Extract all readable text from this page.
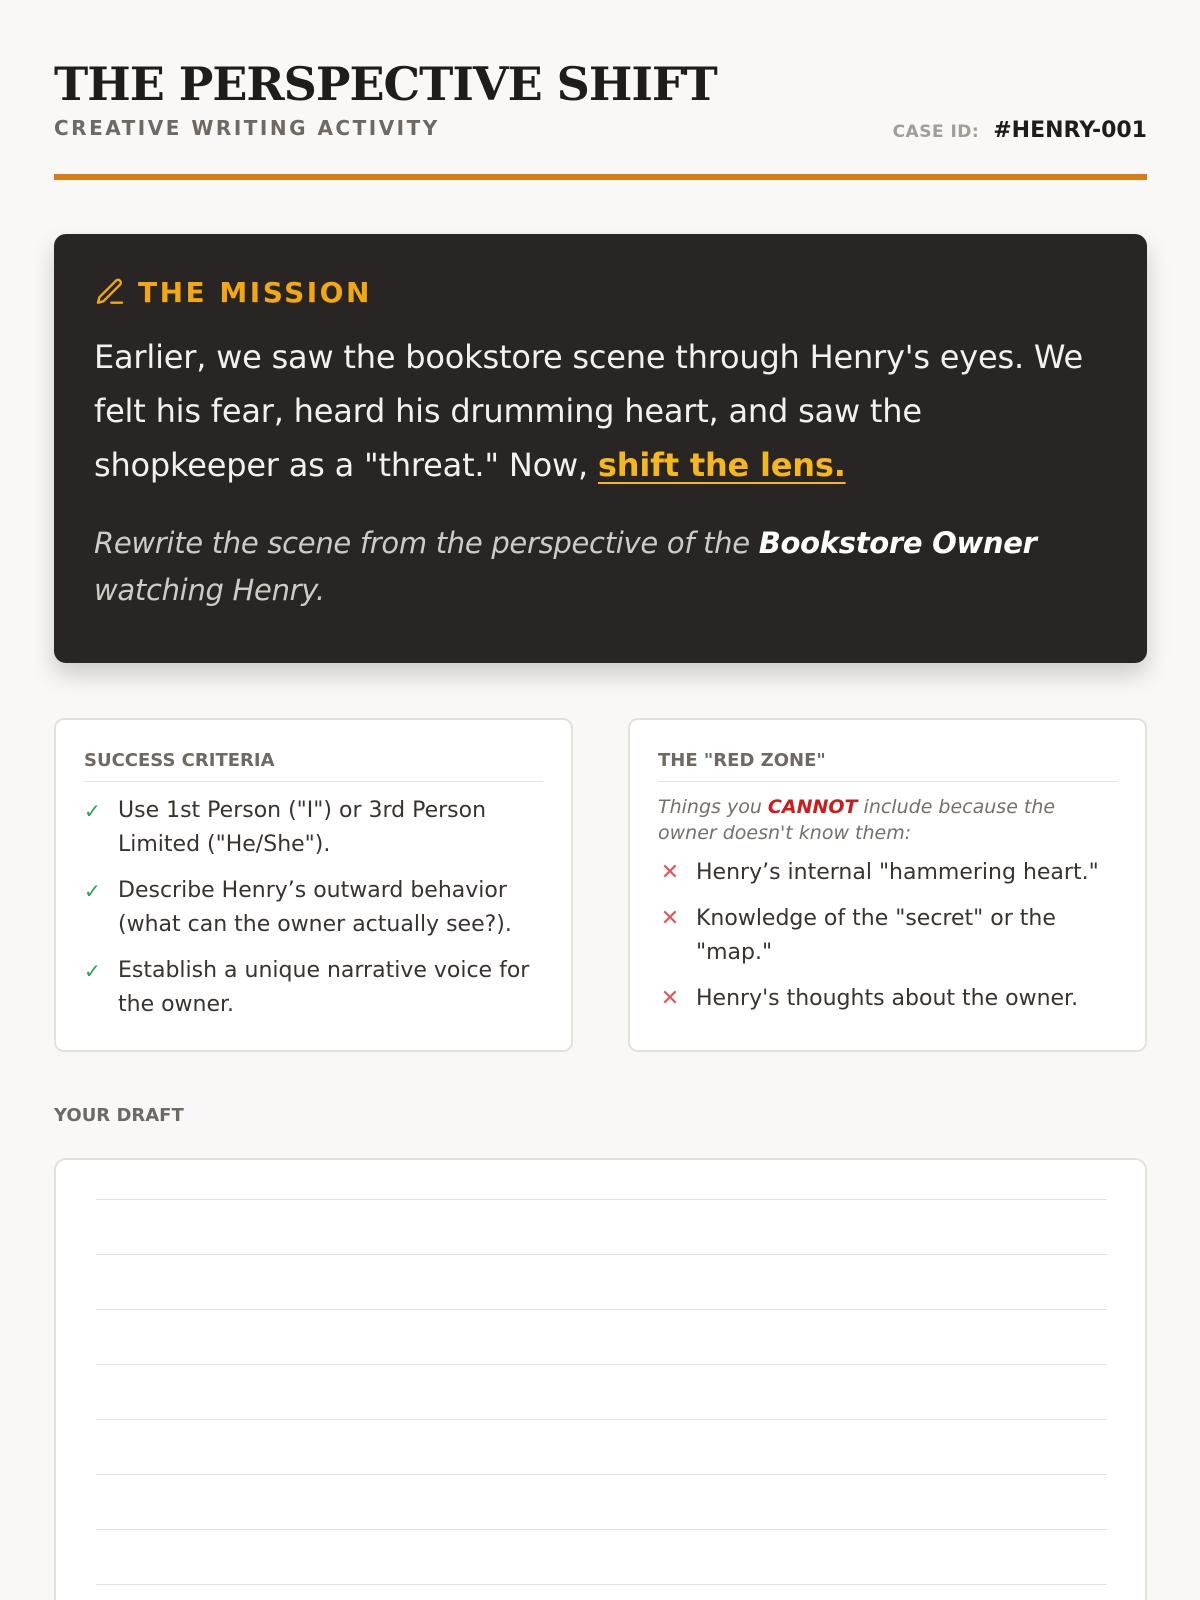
THE PERSPECTIVE SHIFT
CREATIVE WRITING ACTIVITY	CASE ID: #HENRY-001
THE MISSION

Earlier, we saw the bookstore scene through Henry's eyes. We felt his fear, heard his drumming heart, and saw the shopkeeper as a "threat." Now, shift the lens.

Rewrite the scene from the perspective of the Bookstore Owner watching Henry.

SUCCESS CRITERIA
✓ Use 1st Person ("I") or 3rd Person Limited ("He/She").
✓ Describe Henry’s outward behavior (what can the owner actually see?).
✓ Establish a unique narrative voice for the owner.
THE "RED ZONE"
Things you CANNOT include because the owner doesn't know them:
✕ Henry’s internal "hammering heart."
✕ Knowledge of the "secret" or the "map."
✕ Henry's thoughts about the owner.
YOUR DRAFT
